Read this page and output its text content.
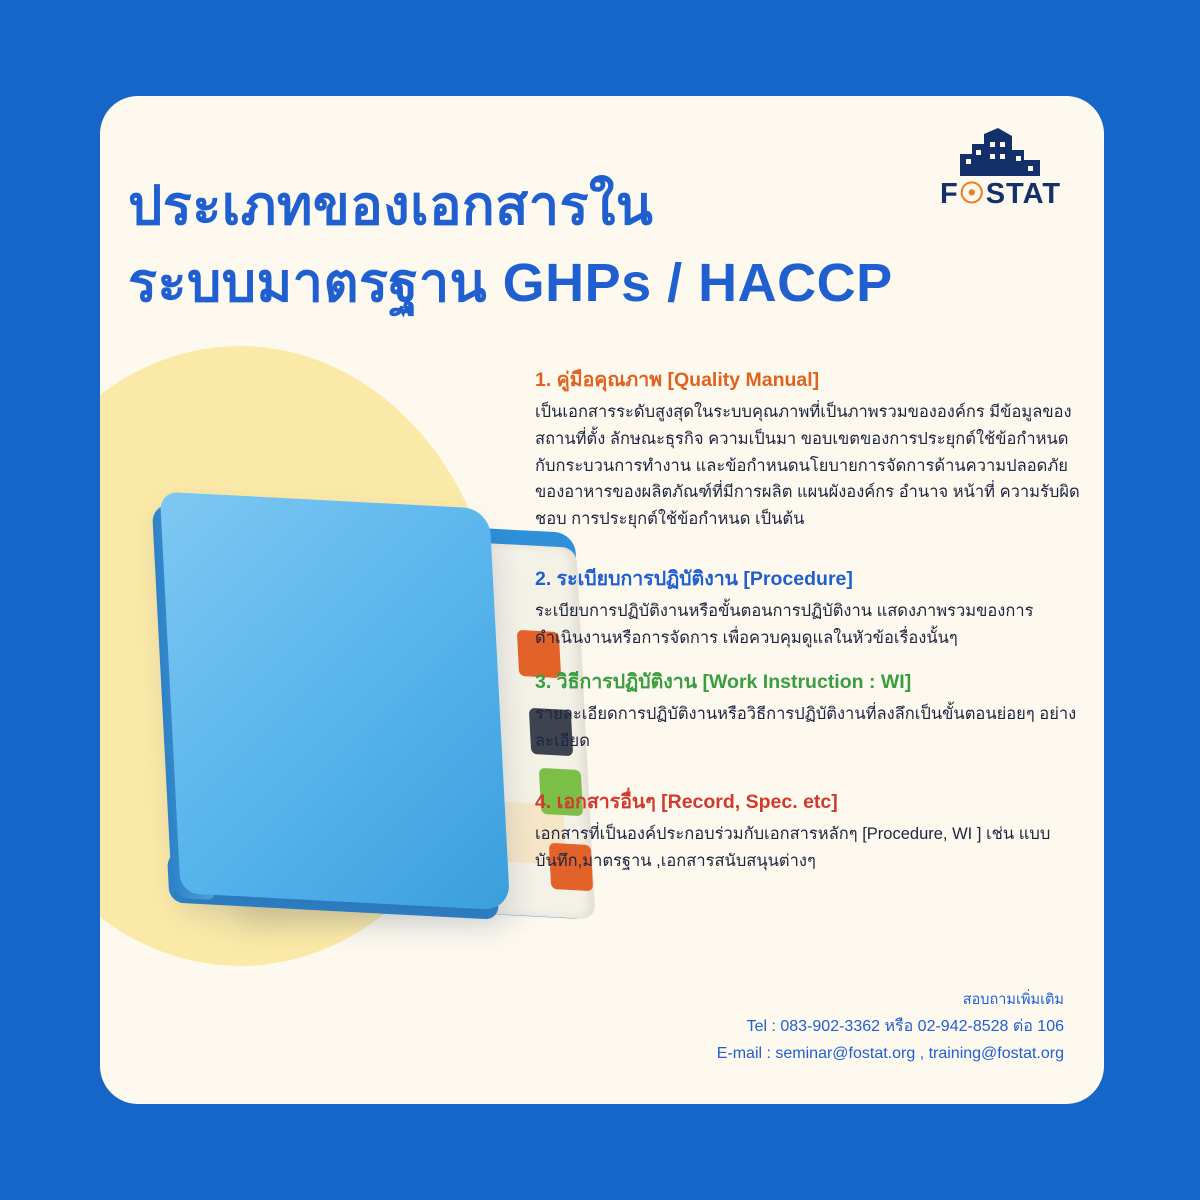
F☉STAT
ประเภทของเอกสารใน
ระบบมาตรฐาน GHPs / HACCP
1. คู่มือคุณภาพ [Quality Manual]
เป็นเอกสารระดับสูงสุดในระบบคุณภาพที่เป็นภาพรวมขององค์กร มีข้อมูลของสถานที่ตั้ง ลักษณะธุรกิจ ความเป็นมา ขอบเขตของการประยุกต์ใช้ข้อกำหนดกับกระบวนการทำงาน และข้อกำหนดนโยบายการจัดการด้านความปลอดภัยของอาหารของผลิตภัณฑ์ที่มีการผลิต แผนผังองค์กร อำนาจ หน้าที่ ความรับผิดชอบ การประยุกต์ใช้ข้อกำหนด เป็นต้น
2. ระเบียบการปฏิบัติงาน [Procedure]
ระเบียบการปฏิบัติงานหรือขั้นตอนการปฏิบัติงาน แสดงภาพรวมของการดำเนินงานหรือการจัดการ เพื่อควบคุมดูแลในหัวข้อเรื่องนั้นๆ
3. วิธีการปฏิบัติงาน [Work Instruction : WI]
รายละเอียดการปฏิบัติงานหรือวิธีการปฏิบัติงานที่ลงลึกเป็นขั้นตอนย่อยๆ อย่างละเอียด
4. เอกสารอื่นๆ [Record, Spec. etc]
เอกสารที่เป็นองค์ประกอบร่วมกับเอกสารหลักๆ [Procedure, WI ] เช่น แบบบันทึก,มาตรฐาน ,เอกสารสนับสนุนต่างๆ
สอบถามเพิ่มเติม
Tel : 083-902-3362 หรือ 02-942-8528 ต่อ 106
E-mail : seminar@fostat.org , training@fostat.org
